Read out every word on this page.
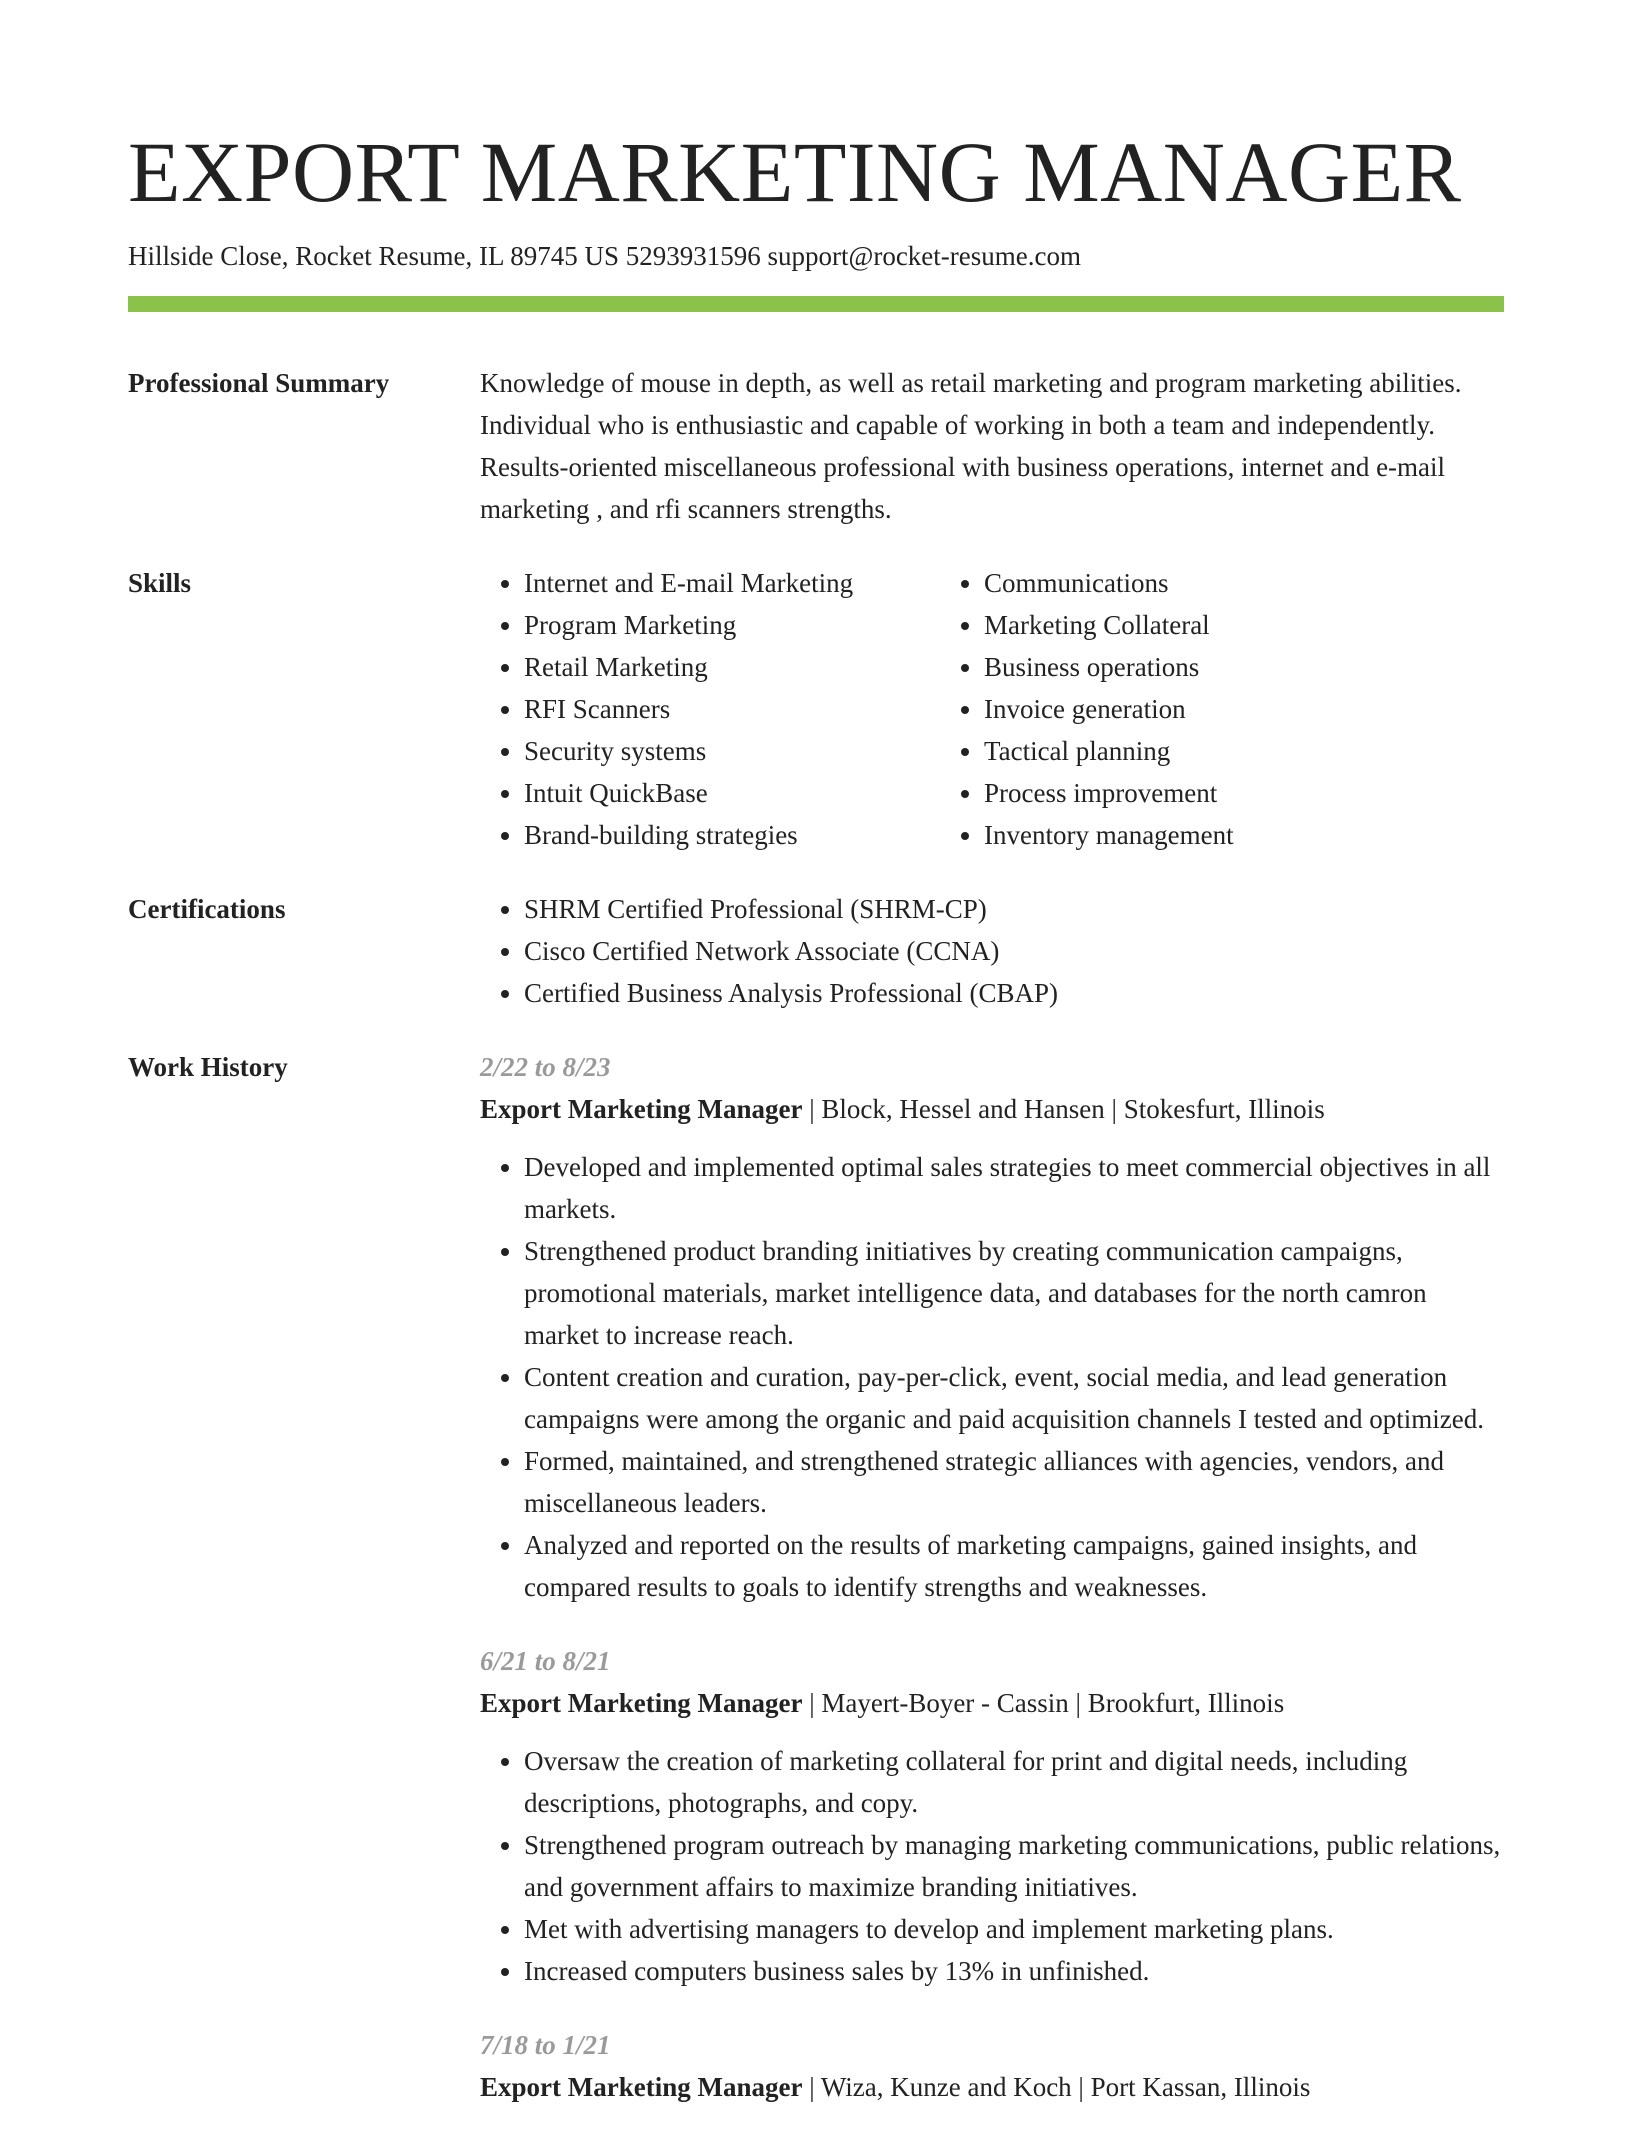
EXPORT MARKETING MANAGER
Hillside Close, Rocket Resume, IL 89745 US 5293931596 support@rocket-resume.com
Professional Summary	Knowledge of mouse in depth, as well as retail marketing and program marketing abilities. Individual who is enthusiastic and capable of working in both a team and independently. Results-oriented miscellaneous professional with business operations, internet and e-mail marketing , and rfi scanners strengths.

Skills	• Internet and E-mail Marketing
• Program Marketing
• Retail Marketing
• RFI Scanners
• Security systems
• Intuit QuickBase
• Brand-building strategies
• Communications
• Marketing Collateral
• Business operations
• Invoice generation
• Tactical planning
• Process improvement
• Inventory management
Certifications	• SHRM Certified Professional (SHRM-CP)
• Cisco Certified Network Associate (CCNA)
• Certified Business Analysis Professional (CBAP)
Work History	2/22 to 8/23
Export Marketing Manager | Block, Hessel and Hansen | Stokesfurt, Illinois
• Developed and implemented optimal sales strategies to meet commercial objectives in all markets.
• Strengthened product branding initiatives by creating communication campaigns, promotional materials, market intelligence data, and databases for the north camron market to increase reach.
• Content creation and curation, pay-per-click, event, social media, and lead generation campaigns were among the organic and paid acquisition channels I tested and optimized.
• Formed, maintained, and strengthened strategic alliances with agencies, vendors, and miscellaneous leaders.
• Analyzed and reported on the results of marketing campaigns, gained insights, and compared results to goals to identify strengths and weaknesses.
6/21 to 8/21
Export Marketing Manager | Mayert-Boyer - Cassin | Brookfurt, Illinois
• Oversaw the creation of marketing collateral for print and digital needs, including descriptions, photographs, and copy.
• Strengthened program outreach by managing marketing communications, public relations, and government affairs to maximize branding initiatives.
• Met with advertising managers to develop and implement marketing plans.
• Increased computers business sales by 13% in unfinished.
7/18 to 1/21
Export Marketing Manager | Wiza, Kunze and Koch | Port Kassan, Illinois
